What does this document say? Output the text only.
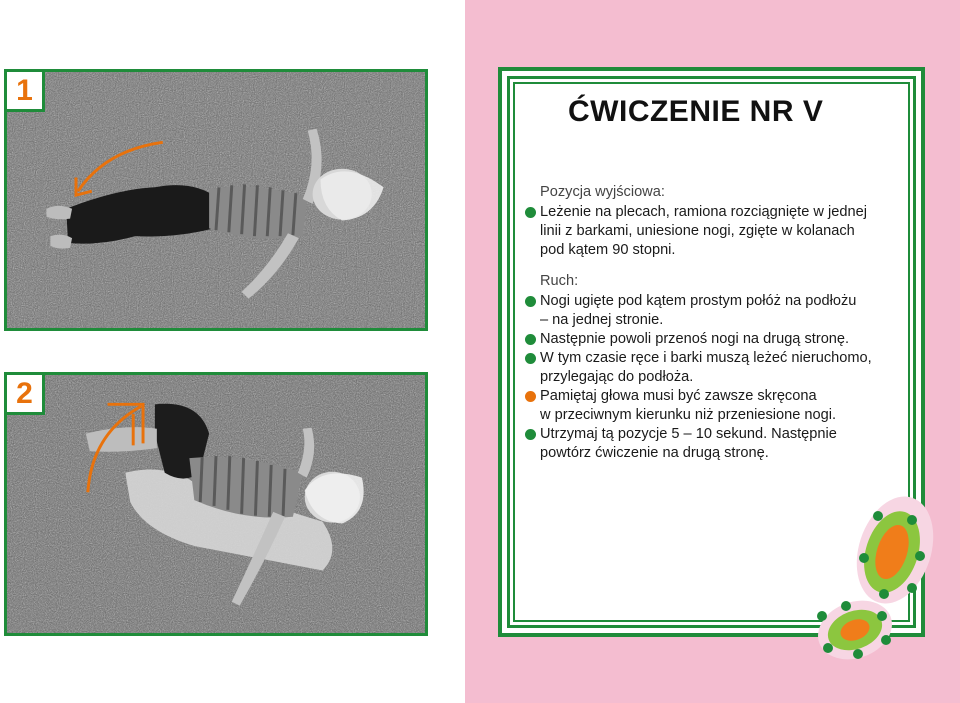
1
2
ĆWICZENIE NR V
Pozycja wyjściowa:
Leżenie na plecach, ramiona rozciągnięte w jednej
linii z barkami, uniesione nogi, zgięte w kolanach
pod kątem 90 stopni.
Ruch:
Nogi ugięte pod kątem prostym połóż na podłożu
– na jednej stronie.
Następnie powoli przenoś nogi na drugą stronę.
W tym czasie ręce i barki muszą leżeć nieruchomo,
przylegając do podłoża.
Pamiętaj głowa musi być zawsze skręcona
w przeciwnym kierunku niż przeniesione nogi.
Utrzymaj tą pozycje 5 – 10 sekund. Następnie
powtórz ćwiczenie na drugą stronę.
